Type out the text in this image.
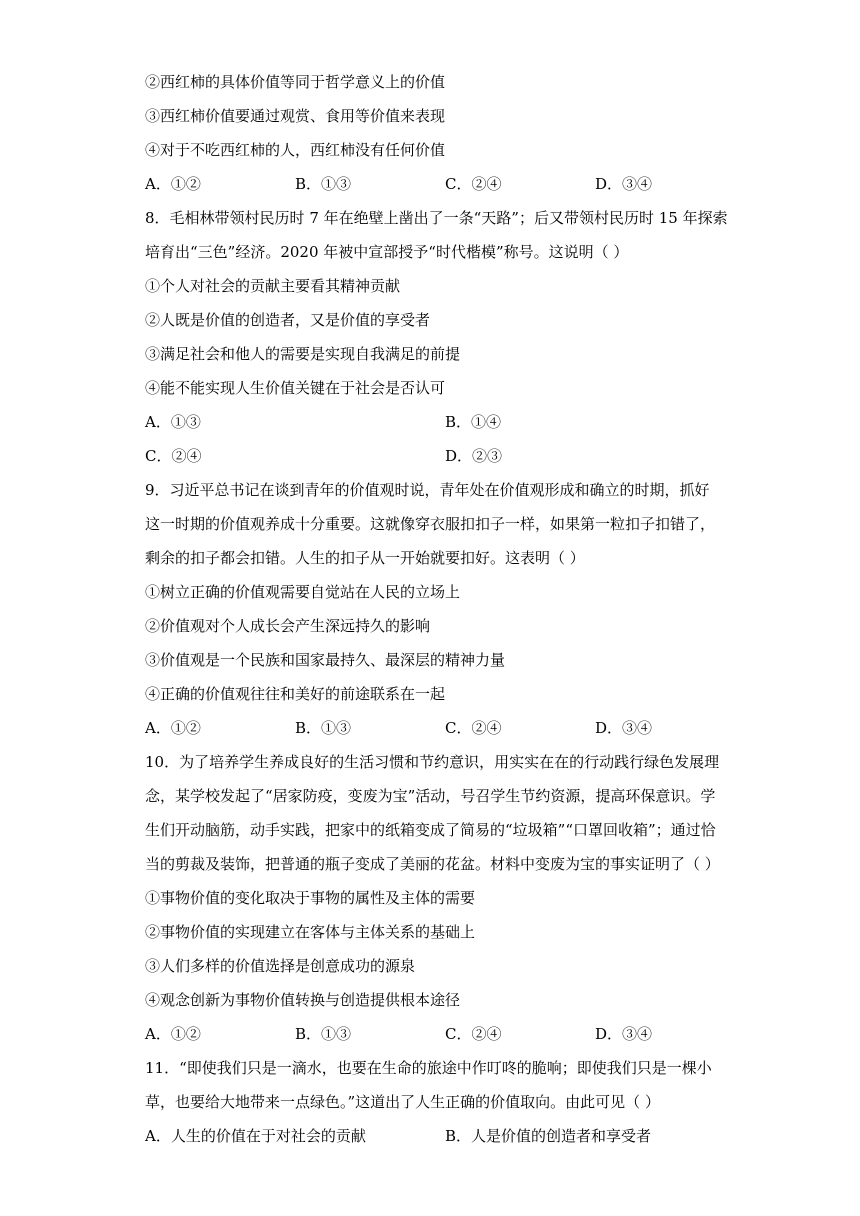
②西红柿的具体价值等同于哲学意义上的价值
③西红柿价值要通过观赏、食用等价值来表现
④对于不吃西红柿的人，西红柿没有任何价值
A．①②	B．①③	C．②④	D．③④
8．毛相林带领村民历时 7 年在绝壁上凿出了一条“天路”；后又带领村民历时 15 年探索
培育出“三色”经济。2020 年被中宣部授予“时代楷模”称号。这说明（ ）
①个人对社会的贡献主要看其精神贡献
②人既是价值的创造者，又是价值的享受者
③满足社会和他人的需要是实现自我满足的前提
④能不能实现人生价值关键在于社会是否认可
A．①③	B．①④
C．②④	D．②③
9．习近平总书记在谈到青年的价值观时说，青年处在价值观形成和确立的时期，抓好
这一时期的价值观养成十分重要。这就像穿衣服扣扣子一样，如果第一粒扣子扣错了，
剩余的扣子都会扣错。人生的扣子从一开始就要扣好。这表明（ ）
①树立正确的价值观需要自觉站在人民的立场上
②价值观对个人成长会产生深远持久的影响
③价值观是一个民族和国家最持久、最深层的精神力量
④正确的价值观往往和美好的前途联系在一起
A．①②	B．①③	C．②④	D．③④
10．为了培养学生养成良好的生活习惯和节约意识，用实实在在的行动践行绿色发展理
念，某学校发起了“居家防疫，变废为宝”活动，号召学生节约资源，提高环保意识。学
生们开动脑筋，动手实践，把家中的纸箱变成了简易的“垃圾箱”“口罩回收箱”；通过恰
当的剪裁及装饰，把普通的瓶子变成了美丽的花盆。材料中变废为宝的事实证明了（ ）
①事物价值的变化取决于事物的属性及主体的需要
②事物价值的实现建立在客体与主体关系的基础上
③人们多样的价值选择是创意成功的源泉
④观念创新为事物价值转换与创造提供根本途径
A．①②	B．①③	C．②④	D．③④
11．“即使我们只是一滴水，也要在生命的旅途中作叮咚的脆响；即使我们只是一棵小
草，也要给大地带来一点绿色。”这道出了人生正确的价值取向。由此可见（ ）
A．人生的价值在于对社会的贡献	B．人是价值的创造者和享受者
